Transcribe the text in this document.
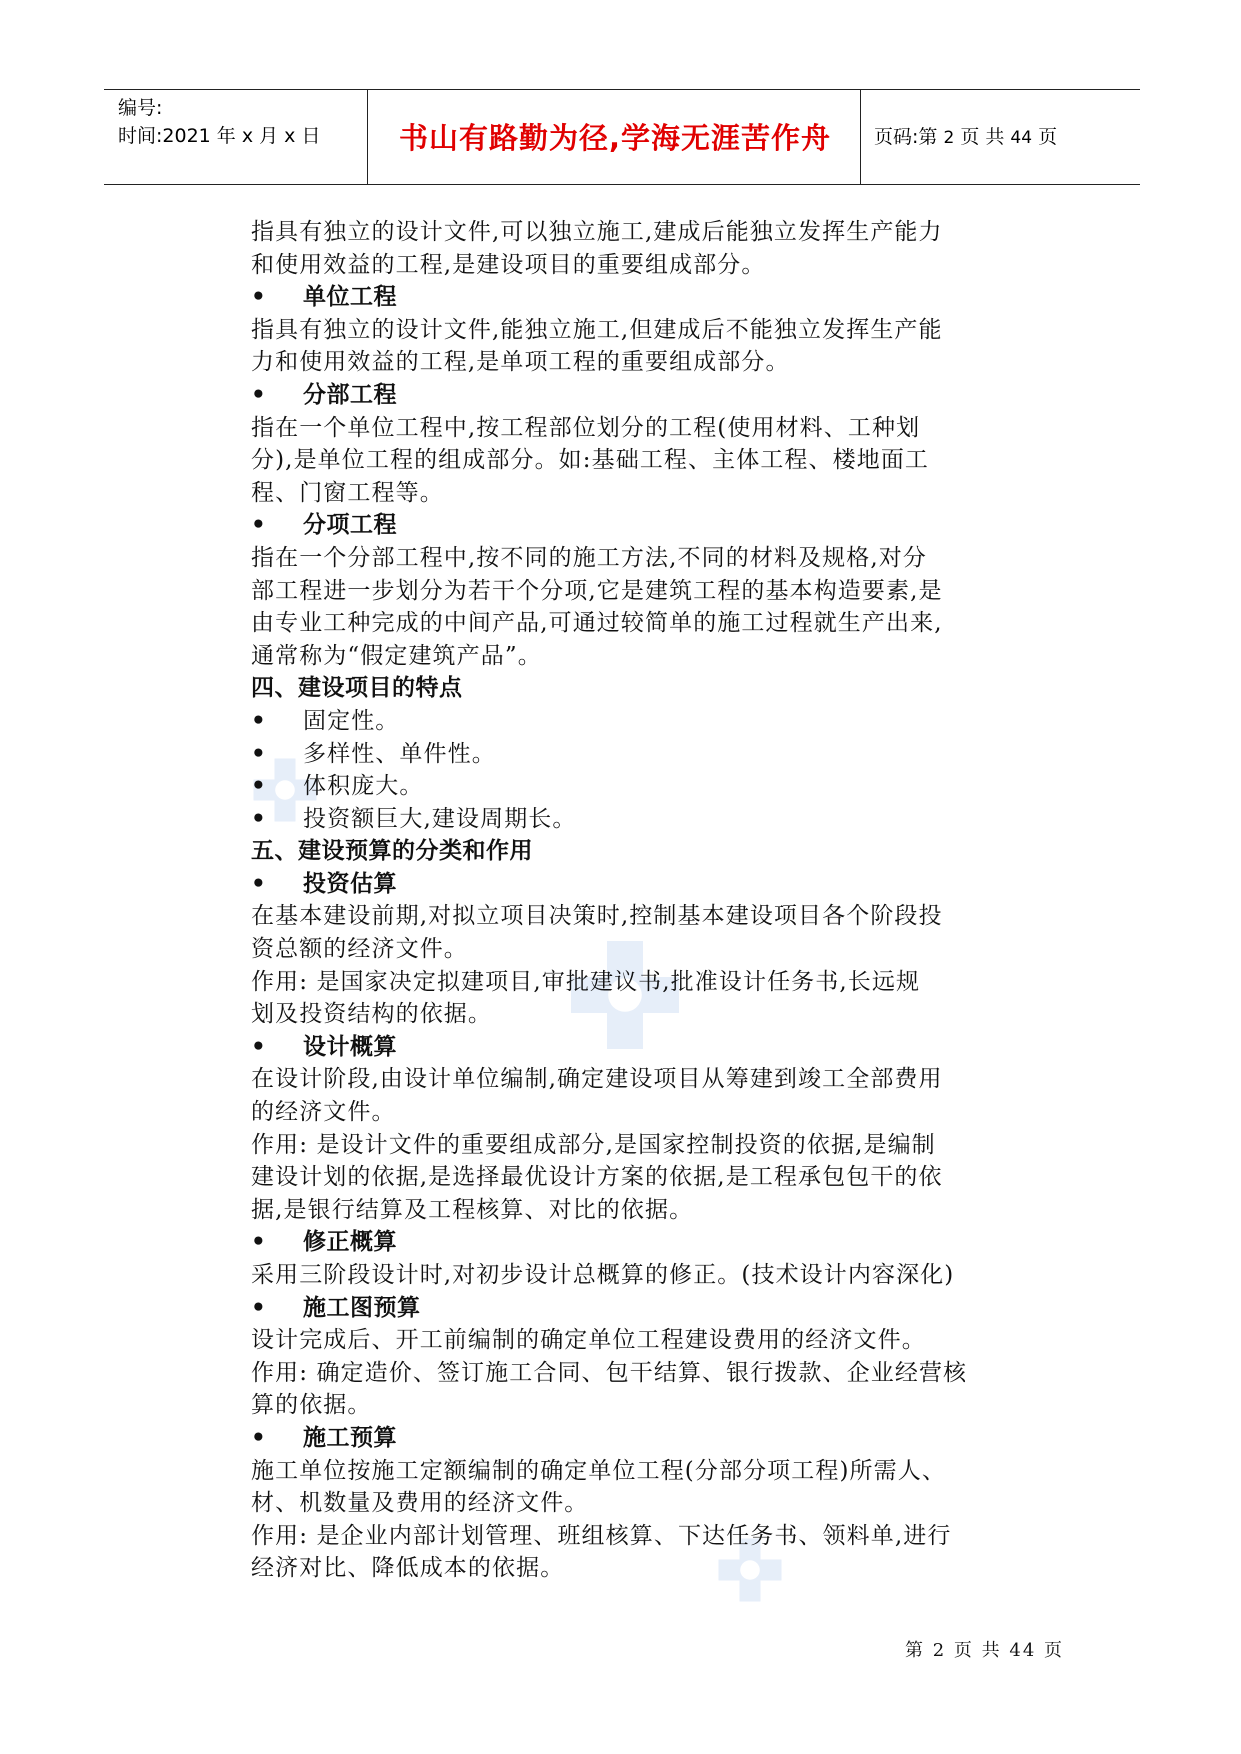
编号:
时间:2021 年 x 月 x 日	书山有路勤为径,学海无涯苦作舟	页码:第 2 页 共 44 页
指具有独立的设计文件,可以独立施工,建成后能独立发挥生产能力
和使用效益的工程,是建设项目的重要组成部分。
• 单位工程
指具有独立的设计文件,能独立施工,但建成后不能独立发挥生产能
力和使用效益的工程,是单项工程的重要组成部分。
• 分部工程
指在一个单位工程中,按工程部位划分的工程(使用材料、工种划
分),是单位工程的组成部分。如:基础工程、主体工程、楼地面工
程、门窗工程等。
• 分项工程
指在一个分部工程中,按不同的施工方法,不同的材料及规格,对分
部工程进一步划分为若干个分项,它是建筑工程的基本构造要素,是
由专业工种完成的中间产品,可通过较简单的施工过程就生产出来,
通常称为“假定建筑产品”。
四、建设项目的特点
• 固定性。
• 多样性、单件性。
• 体积庞大。
• 投资额巨大,建设周期长。
五、建设预算的分类和作用
• 投资估算
在基本建设前期,对拟立项目决策时,控制基本建设项目各个阶段投
资总额的经济文件。
作用: 是国家决定拟建项目,审批建议书,批准设计任务书,长远规
划及投资结构的依据。
• 设计概算
在设计阶段,由设计单位编制,确定建设项目从筹建到竣工全部费用
的经济文件。
作用: 是设计文件的重要组成部分,是国家控制投资的依据,是编制
建设计划的依据,是选择最优设计方案的依据,是工程承包包干的依
据,是银行结算及工程核算、对比的依据。
• 修正概算
采用三阶段设计时,对初步设计总概算的修正。(技术设计内容深化)
• 施工图预算
设计完成后、开工前编制的确定单位工程建设费用的经济文件。
作用: 确定造价、签订施工合同、包干结算、银行拨款、企业经营核
算的依据。
• 施工预算
施工单位按施工定额编制的确定单位工程(分部分项工程)所需人、
材、机数量及费用的经济文件。
作用: 是企业内部计划管理、班组核算、下达任务书、领料单,进行
经济对比、降低成本的依据。
第 2 页 共 44 页
